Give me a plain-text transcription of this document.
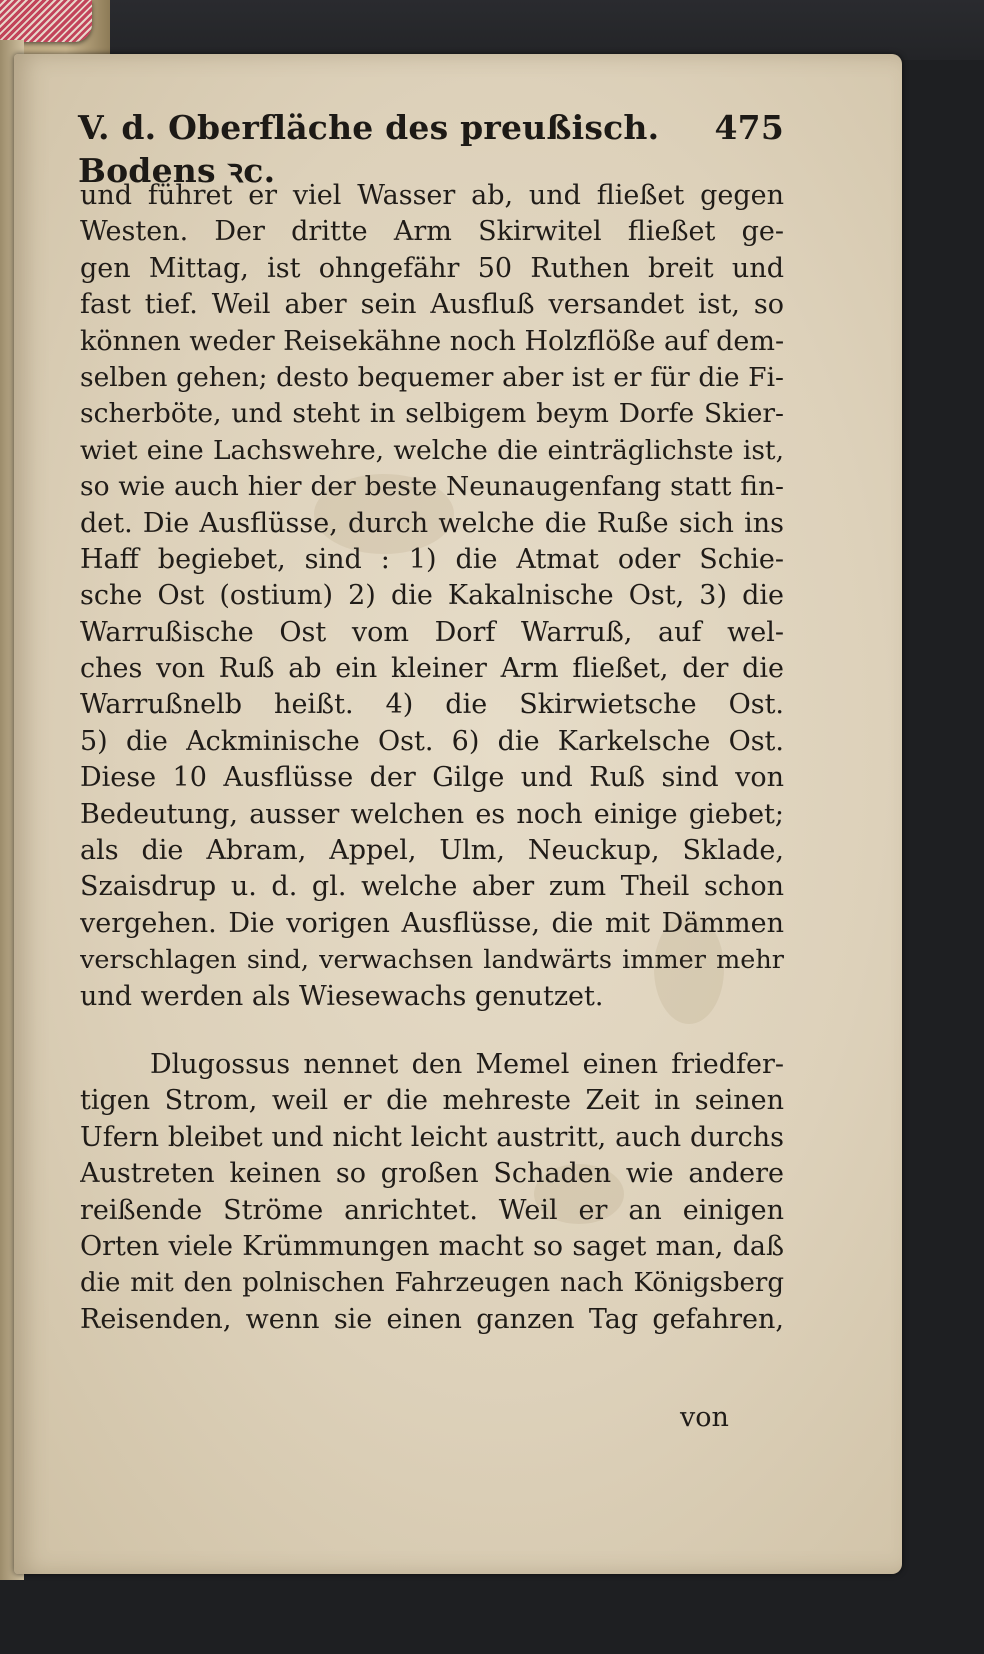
V. d. Oberfläche des preußisch. Bodens ꝛc.
475
und führet er viel Wasser ab, und fließet gegen
Westen. Der dritte Arm Skirwitel fließet ge-
gen Mittag, ist ohngefähr 50 Ruthen breit und
fast tief. Weil aber sein Ausfluß versandet ist, so
können weder Reisekähne noch Holzflöße auf dem-
selben gehen; desto bequemer aber ist er für die Fi-
scherböte, und steht in selbigem beym Dorfe Skier-
wiet eine Lachswehre, welche die einträglichste ist,
so wie auch hier der beste Neunaugenfang statt fin-
det. Die Ausflüsse, durch welche die Ruße sich ins
Haff begiebet, sind : 1) die Atmat oder Schie-
sche Ost (ostium) 2) die Kakalnische Ost, 3) die
Warrußische Ost vom Dorf Warruß, auf wel-
ches von Ruß ab ein kleiner Arm fließet, der die
Warrußnelb heißt. 4) die Skirwietsche Ost.
5) die Ackminische Ost. 6) die Karkelsche Ost.
Diese 10 Ausflüsse der Gilge und Ruß sind von
Bedeutung, ausser welchen es noch einige giebet;
als die Abram, Appel, Ulm, Neuckup, Sklade,
Szaisdrup u. d. gl. welche aber zum Theil schon
vergehen. Die vorigen Ausflüsse, die mit Dämmen
verschlagen sind, verwachsen landwärts immer mehr
und werden als Wiesewachs genutzet.
Dlugossus nennet den Memel einen friedfer-
tigen Strom, weil er die mehreste Zeit in seinen
Ufern bleibet und nicht leicht austritt, auch durchs
Austreten keinen so großen Schaden wie andere
reißende Ströme anrichtet. Weil er an einigen
Orten viele Krümmungen macht so saget man, daß
die mit den polnischen Fahrzeugen nach Königsberg
Reisenden, wenn sie einen ganzen Tag gefahren,
von
